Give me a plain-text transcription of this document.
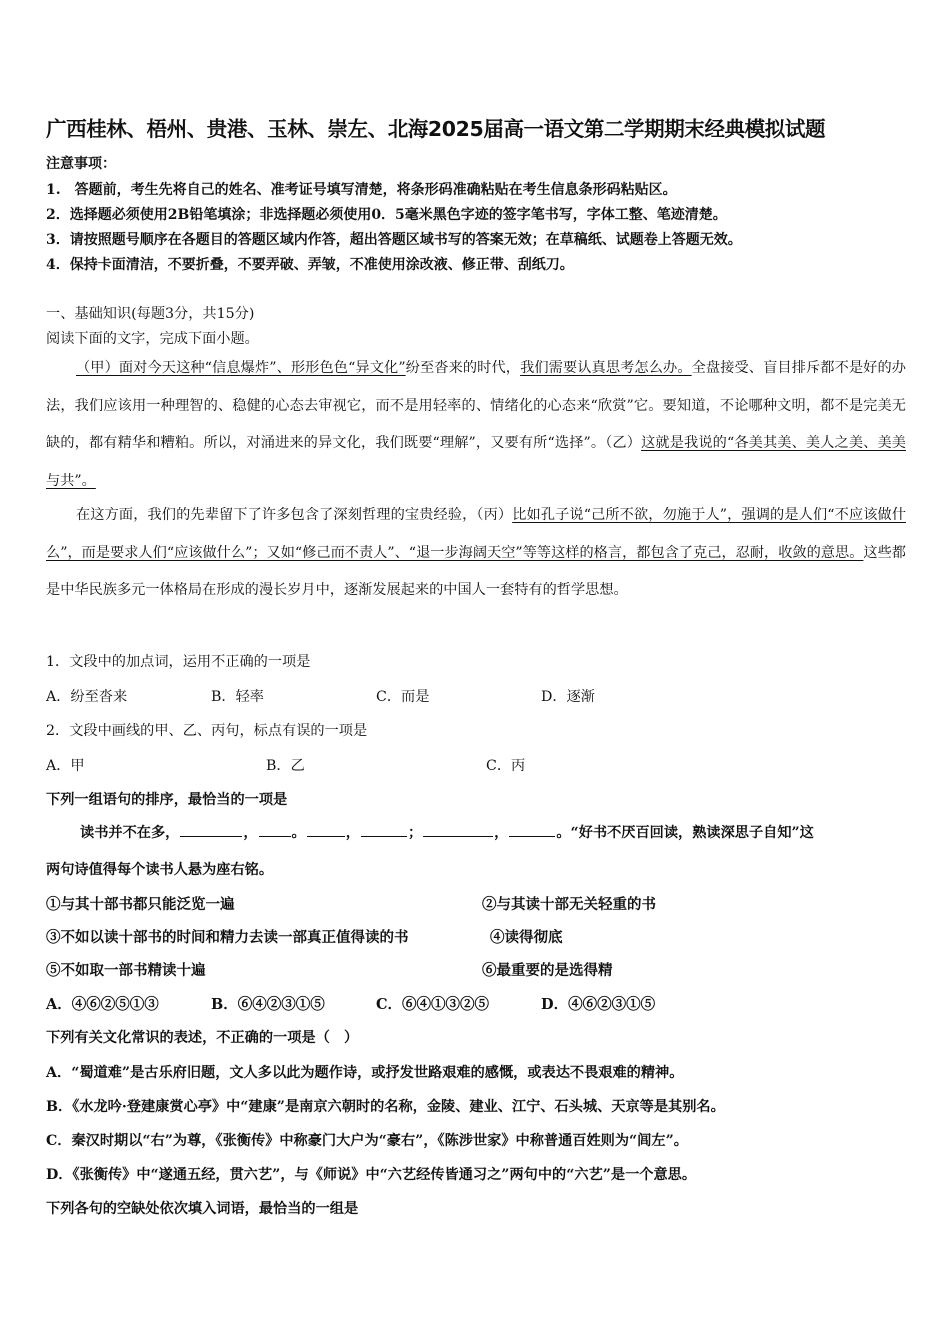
广西桂林、梧州、贵港、玉林、崇左、北海2025届高一语文第二学期期末经典模拟试题
注意事项：
1.　答题前，考生先将自己的姓名、准考证号填写清楚，将条形码准确粘贴在考生信息条形码粘贴区。
2．选择题必须使用2B铅笔填涂；非选择题必须使用0．5毫米黑色字迹的签字笔书写，字体工整、笔迹清楚。
3．请按照题号顺序在各题目的答题区域内作答，超出答题区域书写的答案无效；在草稿纸、试题卷上答题无效。
4．保持卡面清洁，不要折叠，不要弄破、弄皱，不准使用涂改液、修正带、刮纸刀。
一、基础知识(每题3分，共15分)
阅读下面的文字，完成下面小题。
（甲）面对今天这种“信息爆炸”、形形色色“异文化”纷至沓来的时代，我们需要认真思考怎么办。全盘接受、盲目排斥都不是好的办法，我们应该用一种理智的、稳健的心态去审视它，而不是用轻率的、情绪化的心态来“欣赏”它。要知道，不论哪种文明，都不是完美无缺的，都有精华和糟粕。所以，对涌进来的异文化，我们既要“理解”，又要有所“选择”。（乙）这就是我说的“各美其美、美人之美、美美与共”。
在这方面，我们的先辈留下了许多包含了深刻哲理的宝贵经验，（丙）比如孔子说“己所不欲，勿施于人”，强调的是人们“不应该做什么”，而是要求人们“应该做什么”；又如“修己而不责人”、“退一步海阔天空”等等这样的格言，都包含了克己，忍耐，收敛的意思。这些都是中华民族多元一体格局在形成的漫长岁月中，逐渐发展起来的中国人一套特有的哲学思想。
1．文段中的加点词，运用不正确的一项是
A．纷至沓来	B．轻率	C．而是	D．逐渐
2．文段中画线的甲、乙、丙句，标点有误的一项是
A．甲	B．乙	C．丙
下列一组语句的排序，最恰当的一项是
读书并不在多，	， 。	，	；	，	。“好书不厌百回读，熟读深思子自知”这
两句诗值得每个读书人悬为座右铭。
①与其十部书都只能泛览一遍	②与其读十部无关轻重的书
③不如以读十部书的时间和精力去读一部真正值得读的书	④读得彻底
⑤不如取一部书精读十遍	⑥最重要的是选得精
A．④⑥②⑤①③	B．⑥④②③①⑤	C．⑥④①③②⑤	D．④⑥②③①⑤
下列有关文化常识的表述，不正确的一项是（　）
A．“蜀道难”是古乐府旧题，文人多以此为题作诗，或抒发世路艰难的感慨，或表达不畏艰难的精神。
B．《水龙吟·登建康赏心亭》中“建康”是南京六朝时的名称，金陵、建业、江宁、石头城、天京等是其别名。
C．秦汉时期以“右”为尊，《张衡传》中称豪门大户为“豪右”，《陈涉世家》中称普通百姓则为“闾左”。
D．《张衡传》中“遂通五经，贯六艺”，与《师说》中“六艺经传皆通习之”两句中的“六艺”是一个意思。
下列各句的空缺处依次填入词语，最恰当的一组是
